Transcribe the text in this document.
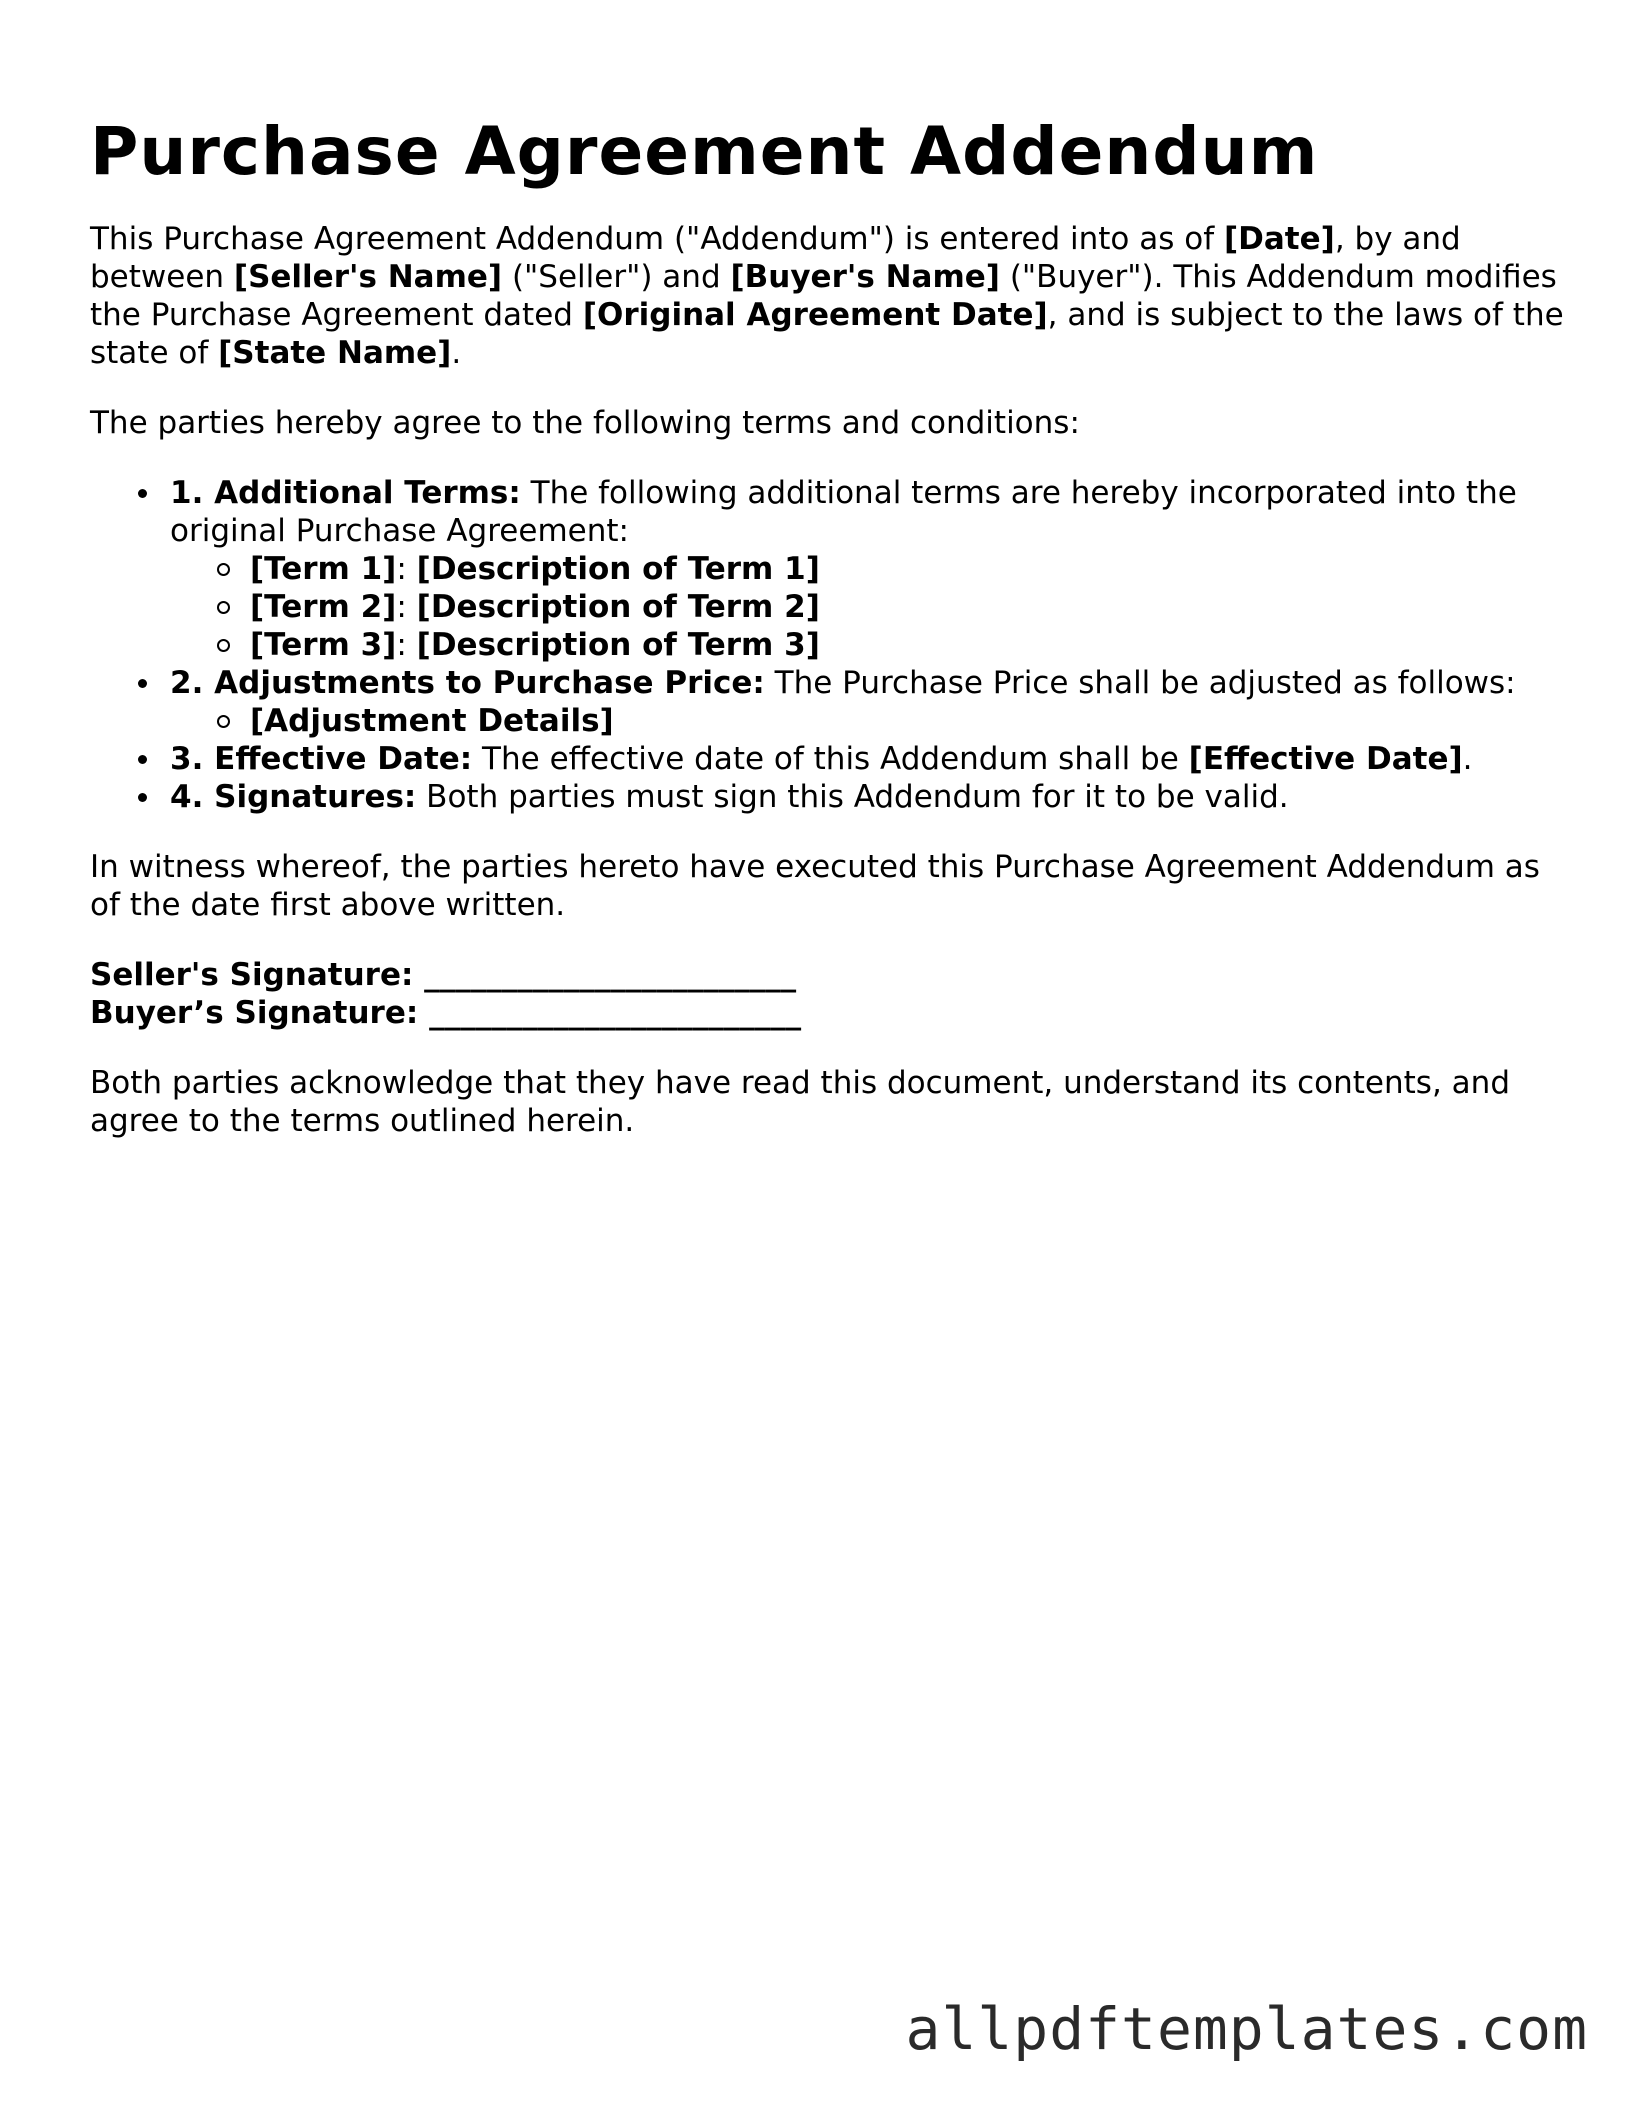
Purchase Agreement Addendum

This Purchase Agreement Addendum ("Addendum") is entered into as of [Date], by and between [Seller's Name] ("Seller") and [Buyer's Name] ("Buyer"). This Addendum modifies the Purchase Agreement dated [Original Agreement Date], and is subject to the laws of the state of [State Name].

The parties hereby agree to the following terms and conditions:

1. Additional Terms: The following additional terms are hereby incorporated into the original Purchase Agreement:
[Term 1]: [Description of Term 1]
[Term 2]: [Description of Term 2]
[Term 3]: [Description of Term 3]
2. Adjustments to Purchase Price: The Purchase Price shall be adjusted as follows:
[Adjustment Details]
3. Effective Date: The effective date of this Addendum shall be [Effective Date].
4. Signatures: Both parties must sign this Addendum for it to be valid.

In witness whereof, the parties hereto have executed this Purchase Agreement Addendum as of the date first above written.

Seller's Signature: ________________________
Buyer’s Signature: ________________________

Both parties acknowledge that they have read this document, understand its contents, and agree to the terms outlined herein.

allpdftemplates.com
